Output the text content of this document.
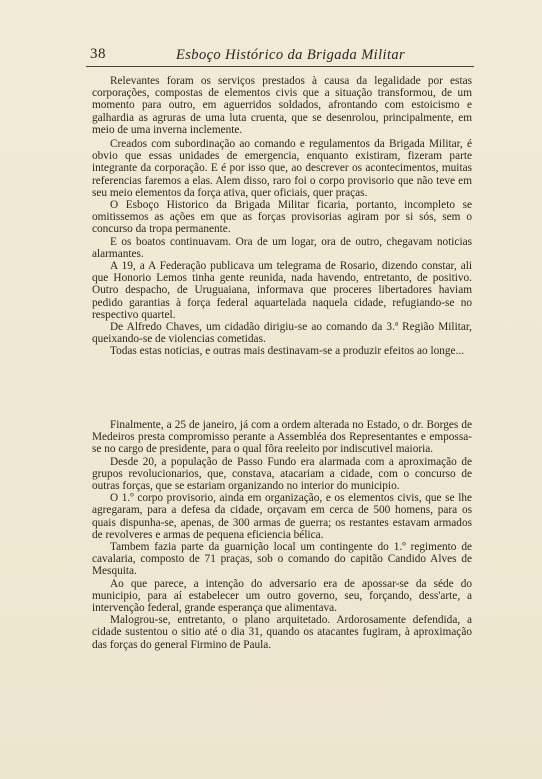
38	Esboço Histórico da Brigada Militar

Relevantes foram os serviços prestados à causa da legalidade por estas corporações, compostas de elementos civis que a situação transformou, de um momento para outro, em aguerridos soldados, afrontando com estoicismo e galhardia as agruras de uma luta cruenta, que se desenrolou, principalmente, em meio de uma inverna inclemente.

Creados com subordinação ao comando e regulamentos da Brigada Militar, é obvio que essas unidades de emergencia, enquanto existiram, fizeram parte integrante da corporação. E é por isso que, ao descrever os acontecimentos, muitas referencias faremos a elas. Alem disso, raro foi o corpo provisorio que não teve em seu meio elementos da força ativa, quer oficiais, quer praças.

O Esboço Historico da Brigada Militar ficaria, portanto, incompleto se omitissemos as ações em que as forças provisorias agiram por si sós, sem o concurso da tropa permanente.

E os boatos continuavam. Ora de um logar, ora de outro, chegavam noticias alarmantes.

A 19, a A Federação publicava um telegrama de Rosario, dizendo constar, ali que Honorio Lemos tinha gente reunida, nada havendo, entretanto, de positivo. Outro despacho, de Uruguaiana, informava que proceres libertadores haviam pedido garantias à força federal aquartelada naquela cidade, refugiando-se no respectivo quartel.

De Alfredo Chaves, um cidadão dirigiu-se ao comando da 3.ª Região Militar, queixando-se de violencias cometidas.

Todas estas noticias, e outras mais destinavam-se a produzir efeitos ao longe...

Finalmente, a 25 de janeiro, já com a ordem alterada no Estado, o dr. Borges de Medeiros presta compromisso perante a Assembléa dos Representantes e empossa-se no cargo de presidente, para o qual fôra reeleito por indiscutivel maioria.

Desde 20, a população de Passo Fundo era alarmada com a aproximação de grupos revolucionarios, que, constava, atacariam a cidade, com o concurso de outras forças, que se estariam organizando no interior do municipio.

O 1.º corpo provisorio, ainda em organização, e os elementos civis, que se lhe agregaram, para a defesa da cidade, orçavam em cerca de 500 homens, para os quais dispunha-se, apenas, de 300 armas de guerra; os restantes estavam armados de revolveres e armas de pequena eficiencia bélica.

Tambem fazia parte da guarnição local um contingente do 1.º regimento de cavalaria, composto de 71 praças, sob o comando do capitão Candido Alves de Mesquita.

Ao que parece, a intenção do adversario era de apossar-se da séde do municipio, para aí estabelecer um outro governo, seu, forçando, dess'arte, a intervenção federal, grande esperança que alimentava.

Malogrou-se, entretanto, o plano arquitetado. Ardorosamente defendida, a cidade sustentou o sitio até o dia 31, quando os atacantes fugiram, à aproximação das forças do general Firmino de Paula.
